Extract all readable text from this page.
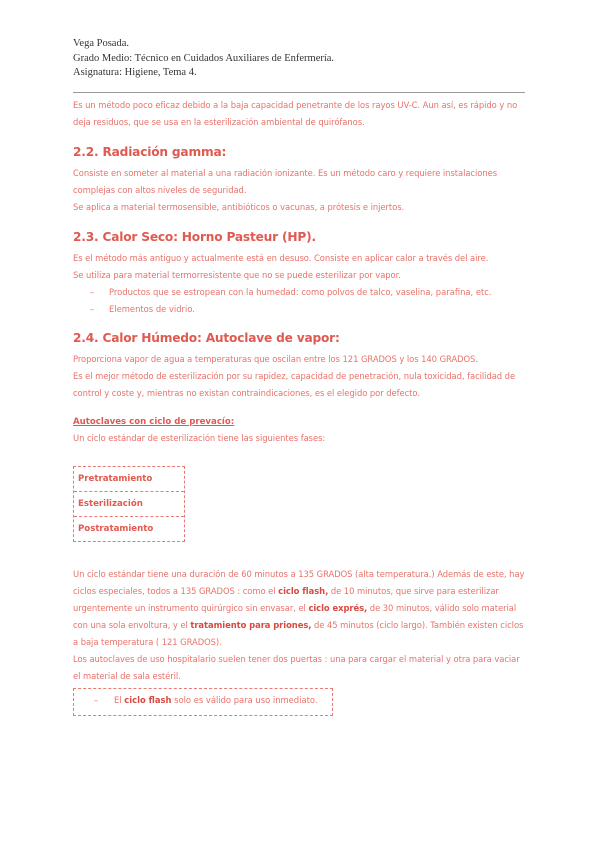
Vega Posada.
Grado Medio: Técnico en Cuidados Auxiliares de Enfermería.
Asignatura: Higiene, Tema 4.

Es un método poco eficaz debido a la baja capacidad penetrante de los rayos UV-C. Aun así, es rápido y no deja residuos, que se usa en la esterilización ambiental de quirófanos.

2.2. Radiación gamma:

Consiste en someter al material a una radiación ionizante. Es un método caro y requiere instalaciones complejas con altos niveles de seguridad.

Se aplica a material termosensible, antibióticos o vacunas, a prótesis e injertos.

2.3. Calor Seco: Horno Pasteur (HP).

Es el método más antiguo y actualmente está en desuso. Consiste en aplicar calor a través del aire.

Se utiliza para material termorresistente que no se puede esterilizar por vapor.

– Productos que se estropean con la humedad: como polvos de talco, vaselina, parafina, etc.
– Elementos de vidrio.
2.4. Calor Húmedo: Autoclave de vapor:

Proporciona vapor de agua a temperaturas que oscilan entre los 121 GRADOS y los 140 GRADOS.

Es el mejor método de esterilización por su rapidez, capacidad de penetración, nula toxicidad, facilidad de control y coste y, mientras no existan contraindicaciones, es el elegido por defecto.

Autoclaves con ciclo de prevacío:

Un ciclo estándar de esterilización tiene las siguientes fases:

Pretratamiento
Esterilización
Postratamiento

Un ciclo estándar tiene una duración de 60 minutos a 135 GRADOS (alta temperatura.) Además de este, hay ciclos especiales, todos a 135 GRADOS : como el ciclo flash, de 10 minutos, que sirve para esterilizar urgentemente un instrumento quirúrgico sin envasar, el ciclo exprés, de 30 minutos, válido solo material con una sola envoltura, y el tratamiento para priones, de 45 minutos (ciclo largo). También existen ciclos a baja temperatura ( 121 GRADOS).

Los autoclaves de uso hospitalario suelen tener dos puertas : una para cargar el material y otra para vaciar el material de sala estéril.

– El ciclo flash solo es válido para uso inmediato.
